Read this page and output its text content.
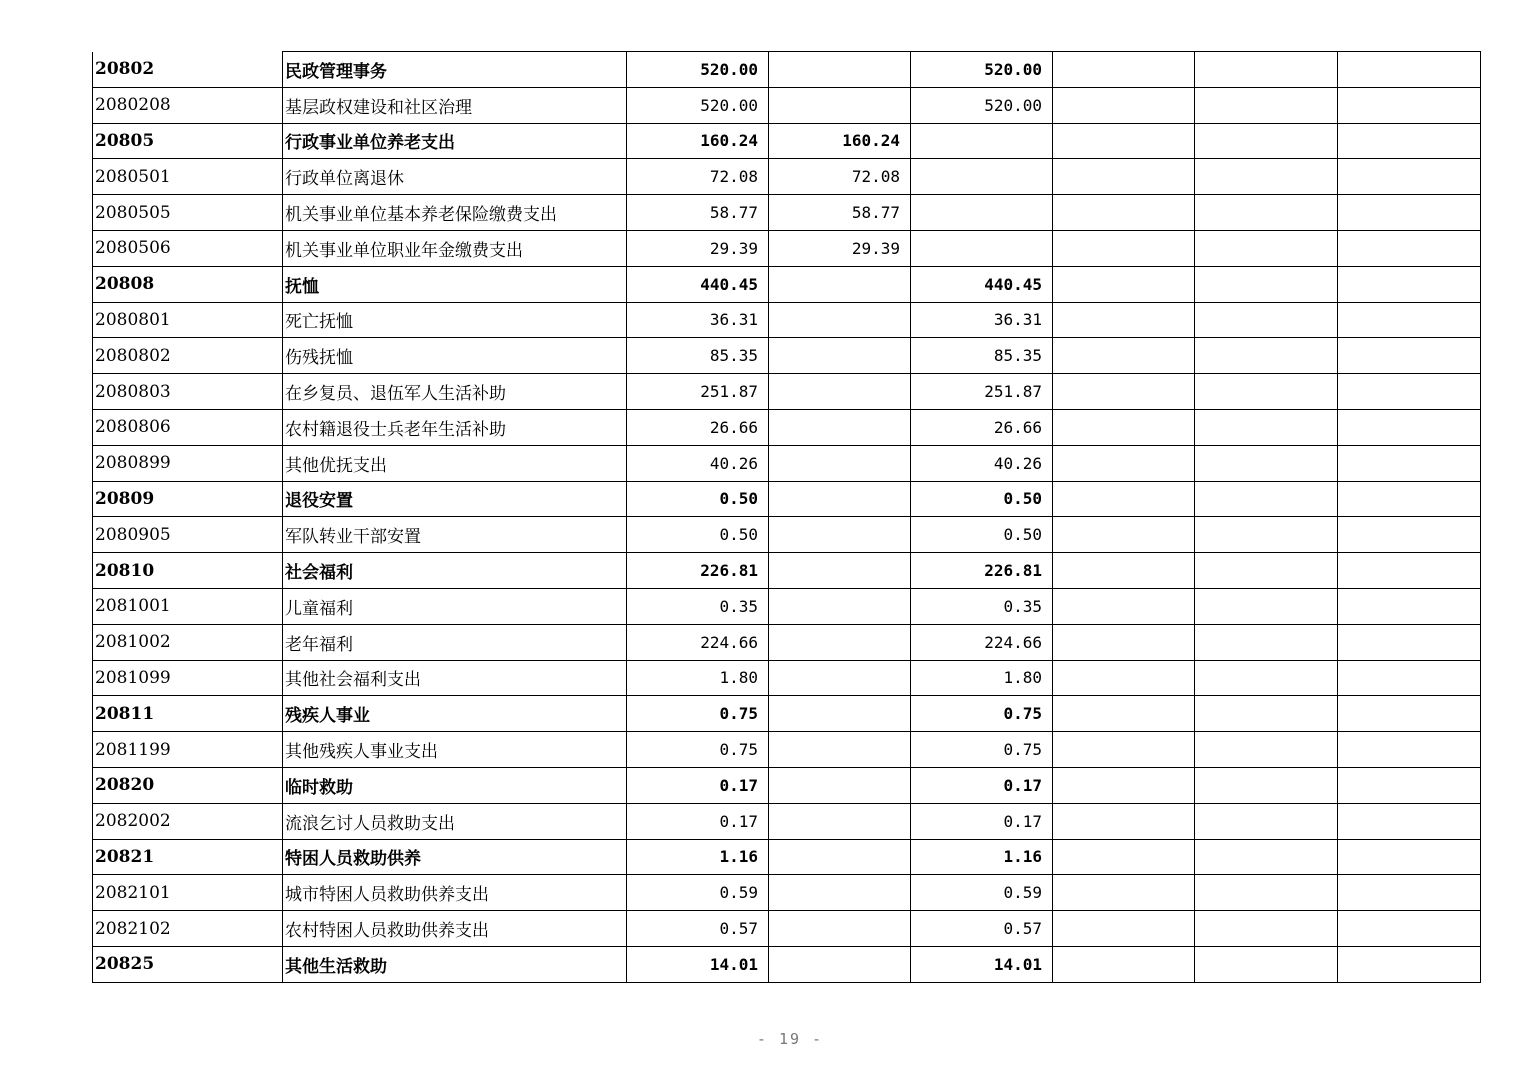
20802	民政管理事务	520.00		520.00			
2080208	基层政权建设和社区治理	520.00		520.00			
20805	行政事业单位养老支出	160.24	160.24				
2080501	行政单位离退休	72.08	72.08				
2080505	机关事业单位基本养老保险缴费支出	58.77	58.77				
2080506	机关事业单位职业年金缴费支出	29.39	29.39				
20808	抚恤	440.45		440.45			
2080801	死亡抚恤	36.31		36.31			
2080802	伤残抚恤	85.35		85.35			
2080803	在乡复员、退伍军人生活补助	251.87		251.87			
2080806	农村籍退役士兵老年生活补助	26.66		26.66			
2080899	其他优抚支出	40.26		40.26			
20809	退役安置	0.50		0.50			
2080905	军队转业干部安置	0.50		0.50			
20810	社会福利	226.81		226.81			
2081001	儿童福利	0.35		0.35			
2081002	老年福利	224.66		224.66			
2081099	其他社会福利支出	1.80		1.80			
20811	残疾人事业	0.75		0.75			
2081199	其他残疾人事业支出	0.75		0.75			
20820	临时救助	0.17		0.17			
2082002	流浪乞讨人员救助支出	0.17		0.17			
20821	特困人员救助供养	1.16		1.16			
2082101	城市特困人员救助供养支出	0.59		0.59			
2082102	农村特困人员救助供养支出	0.57		0.57			
20825	其他生活救助	14.01		14.01			
- 19 -
